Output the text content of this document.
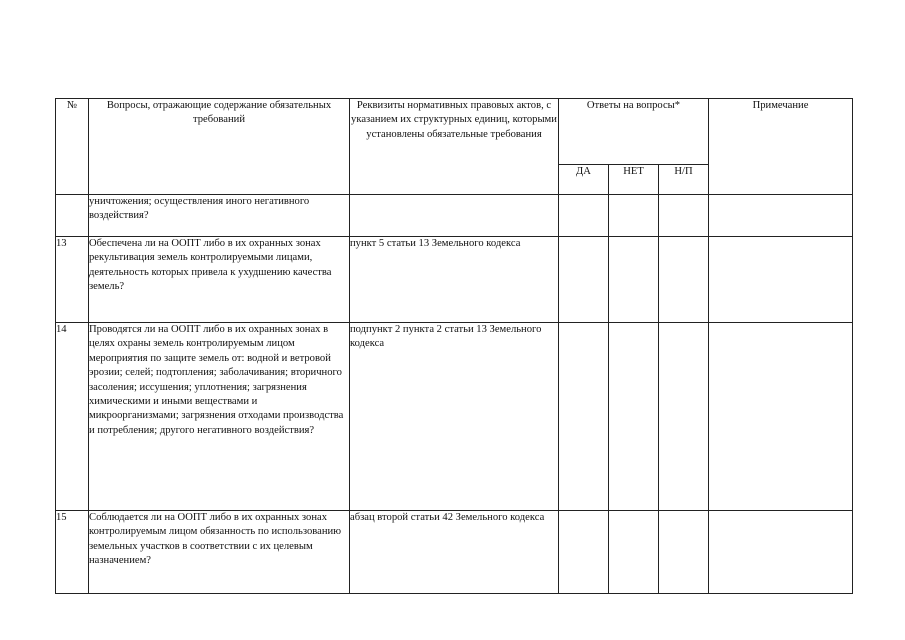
№	Вопросы, отражающие содержание обязательных требований	Реквизиты нормативных правовых актов, с указанием их структурных единиц, которыми установлены обязательные требования	Ответы на вопросы*			Примечание
			ДА	НЕТ	Н/П	
	уничтожения; осуществления иного негативного воздействия?					
13	Обеспечена ли на ООПТ либо в их охранных зонах рекультивация земель контролируемыми лицами, деятельность которых привела к ухудшению качества земель?	пункт 5 статьи 13 Земельного кодекса				
14	Проводятся ли на ООПТ либо в их охранных зонах в целях охраны земель контролируемым лицом мероприятия по защите земель от: водной и ветровой эрозии; селей; подтопления; заболачивания; вторичного засоления; иссушения; уплотнения; загрязнения химическими и иными веществами и микроорганизмами; загрязнения отходами производства и потребления; другого негативного воздействия?	подпункт 2 пункта 2 статьи 13 Земельного кодекса				
15	Соблюдается ли на ООПТ либо в их охранных зонах контролируемым лицом обязанность по использованию земельных участков в соответствии с их целевым назначением?	абзац второй статьи 42 Земельного кодекса				
